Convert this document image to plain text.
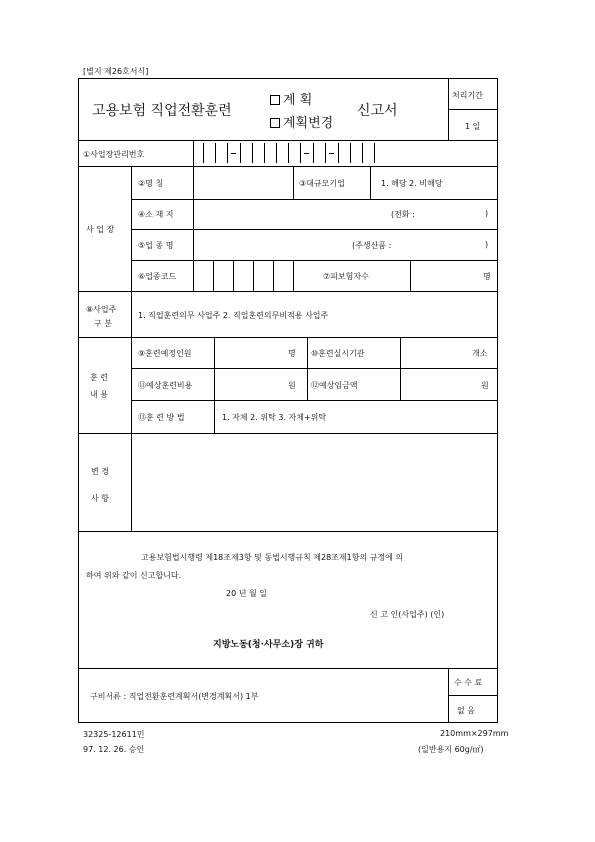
[별지 제26호서식]
고용보험 직업전환훈련
계 획
계획변경
신고서
처리기간
1 일
①사업장관리번호
사 업 장
②명 칭	③대규모기업	1. 해당 2. 비해당
④소 재 지	(전화 :	)
⑤업 종 명	(주생산품 :	)
⑥업종코드	⑦피보험자수	명
⑧사업주
구 분
1. 직업훈련의무 사업주 2. 직업훈련의무비적용 사업주
훈 련
내 용
⑨훈련예정인원	명 ⑩훈련실시기관	개소
⑪예상훈련비용	원 ⑫예상임금액	원
⑬훈 련 방 법	1. 자체 2. 위탁 3. 자체+위탁
변 경
사 항
고용보험법시행령 제18조제3항 및 동법시행규칙 제28조제1항의 규정에 의
하여 위와 같이 신고합니다.
20 년 월 일
신 고 인(사업주) (인)
지방노동(청·사무소)장 귀하
구비서류 : 직업전환훈련계획서(변경계획서) 1부
수 수 료
없 음
32325-12611민
97. 12. 26. 승인
210mm×297mm
(일반용지 60g/㎡)
